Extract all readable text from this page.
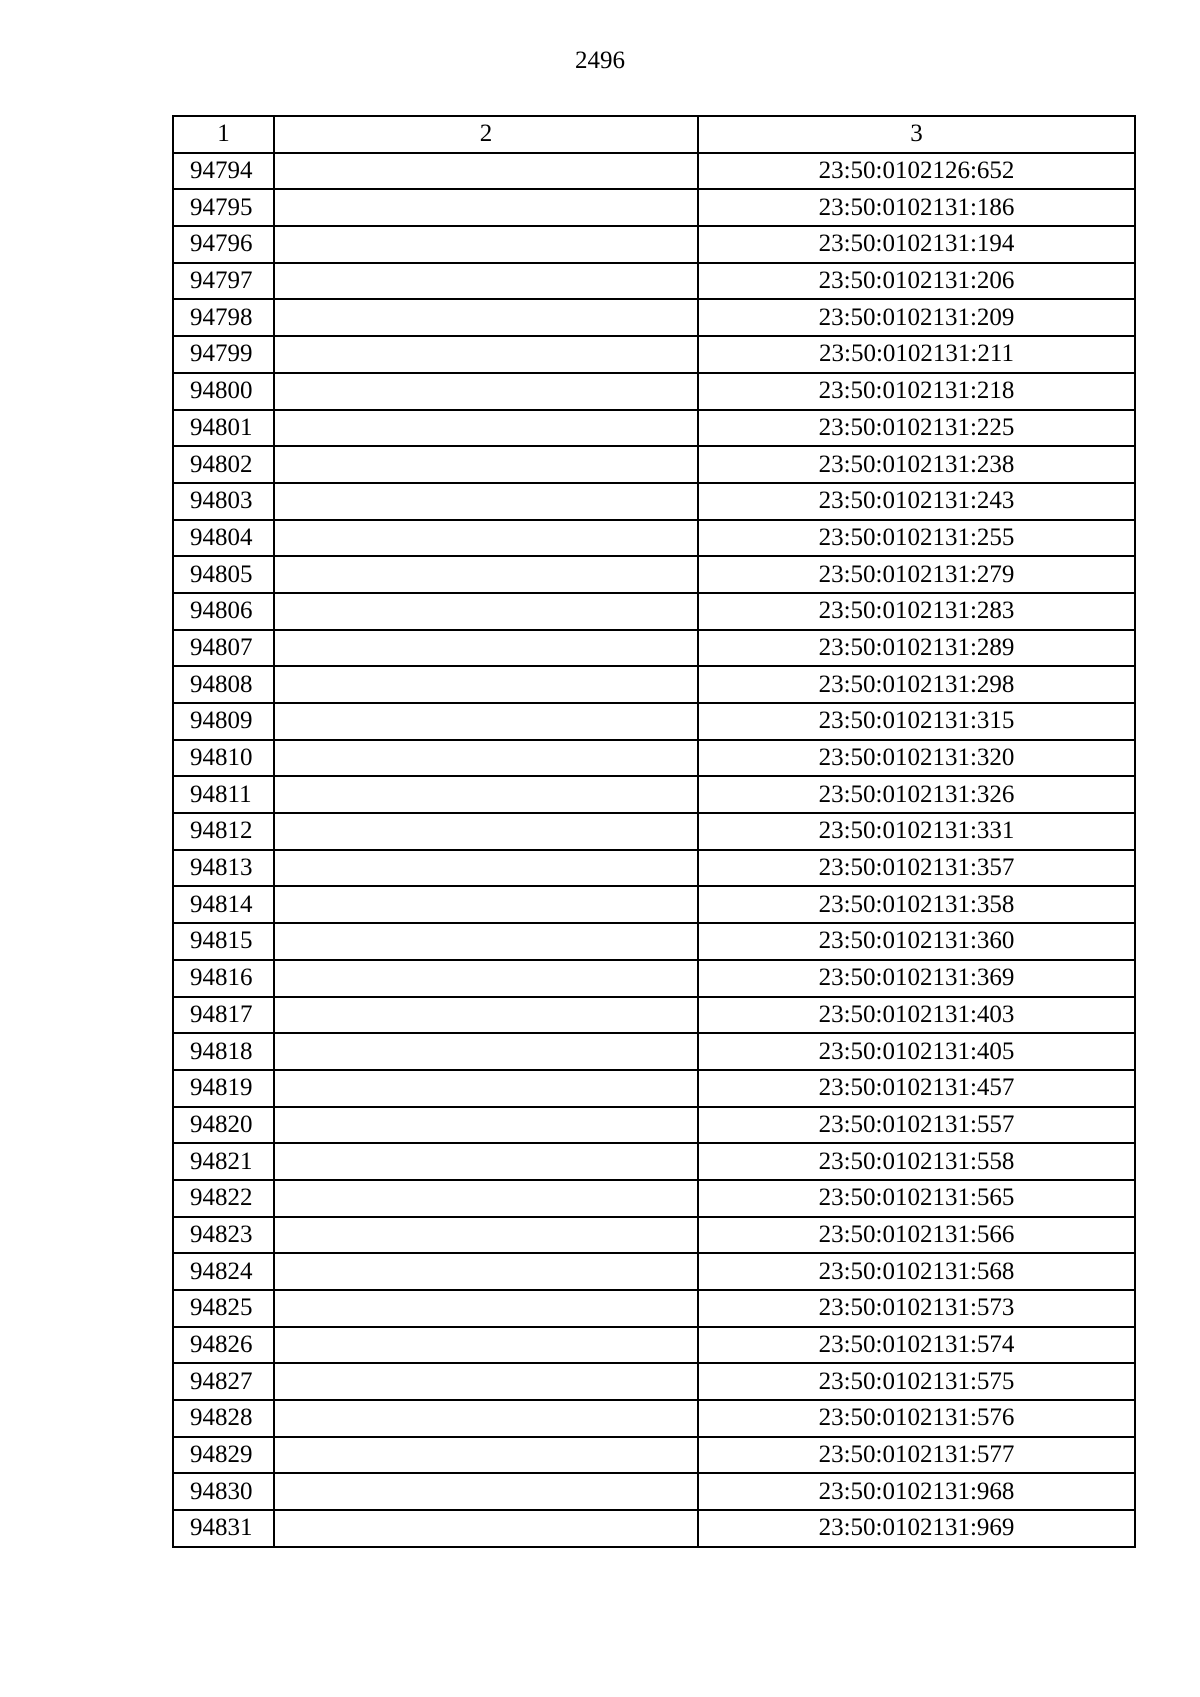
2496
1	2	3
94794		23:50:0102126:652
94795		23:50:0102131:186
94796		23:50:0102131:194
94797		23:50:0102131:206
94798		23:50:0102131:209
94799		23:50:0102131:211
94800		23:50:0102131:218
94801		23:50:0102131:225
94802		23:50:0102131:238
94803		23:50:0102131:243
94804		23:50:0102131:255
94805		23:50:0102131:279
94806		23:50:0102131:283
94807		23:50:0102131:289
94808		23:50:0102131:298
94809		23:50:0102131:315
94810		23:50:0102131:320
94811		23:50:0102131:326
94812		23:50:0102131:331
94813		23:50:0102131:357
94814		23:50:0102131:358
94815		23:50:0102131:360
94816		23:50:0102131:369
94817		23:50:0102131:403
94818		23:50:0102131:405
94819		23:50:0102131:457
94820		23:50:0102131:557
94821		23:50:0102131:558
94822		23:50:0102131:565
94823		23:50:0102131:566
94824		23:50:0102131:568
94825		23:50:0102131:573
94826		23:50:0102131:574
94827		23:50:0102131:575
94828		23:50:0102131:576
94829		23:50:0102131:577
94830		23:50:0102131:968
94831		23:50:0102131:969
